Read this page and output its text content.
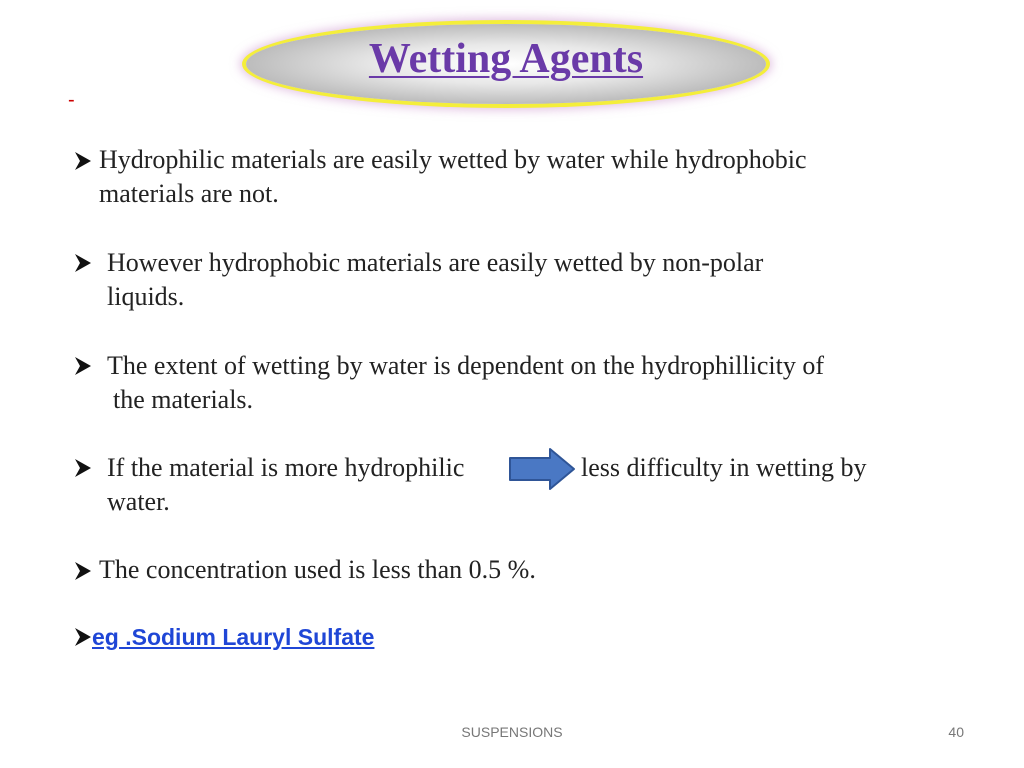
Wetting Agents
-
Hydrophilic materials are easily wetted by water while hydrophobic
materials are not.
However hydrophobic materials are easily wetted by non-polar
liquids.
The extent of wetting by water is dependent on the hydrophillicity of
the materials.
If the material is more hydrophilic	less difficulty in wetting by
water.
The concentration used is less than 0.5 %.
eg .Sodium Lauryl Sulfate
SUSPENSIONS	40
